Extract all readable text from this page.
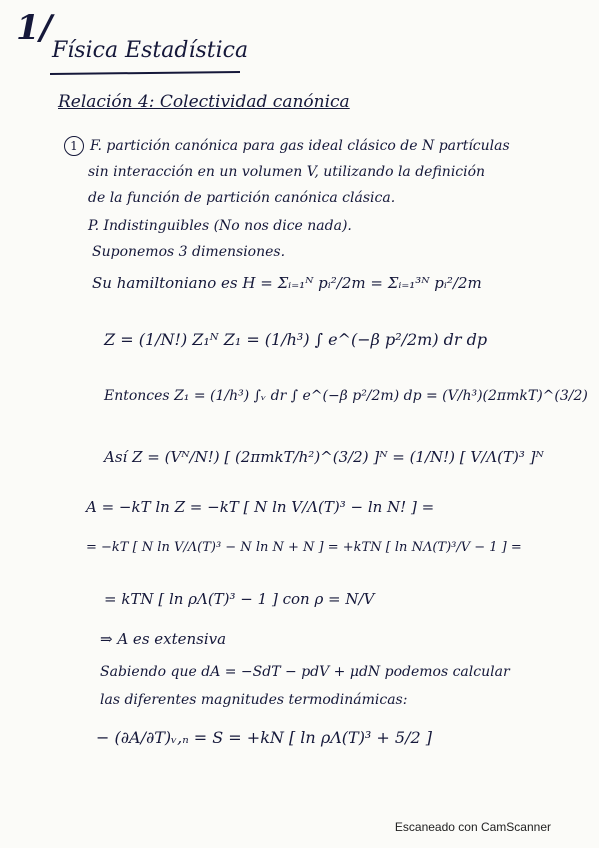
1/
Física Estadística
Relación 4: Colectividad canónica
1 F. partición canónica para gas ideal clásico de N partículas
sin interacción en un volumen V, utilizando la definición
de la función de partición canónica clásica.
P. Indistinguibles (No nos dice nada).
Suponemos 3 dimensiones.
Su hamiltoniano es H = Σᵢ₌₁ᴺ pᵢ²/2m = Σᵢ₌₁³ᴺ pᵢ²/2m
Z = (1/N!) Z₁ᴺ Z₁ = (1/h³) ∫ e^(−β p²/2m) dr dp
Entonces Z₁ = (1/h³) ∫ᵥ dr ∫ e^(−β p²/2m) dp = (V/h³)(2πmkT)^(3/2)
Así Z = (Vᴺ/N!) [ (2πmkT/h²)^(3/2) ]ᴺ = (1/N!) [ V/Λ(T)³ ]ᴺ
A = −kT ln Z = −kT [ N ln V/Λ(T)³ − ln N! ] =
= −kT [ N ln V/Λ(T)³ − N ln N + N ] = +kTN [ ln NΛ(T)³/V − 1 ] =
= kTN [ ln ρΛ(T)³ − 1 ] con ρ = N/V
⇒ A es extensiva
Sabiendo que dA = −SdT − pdV + μdN podemos calcular
las diferentes magnitudes termodinámicas:
− (∂A/∂T)ᵥ,ₙ = S = +kN [ ln ρΛ(T)³ + 5/2 ]
Escaneado con CamScanner
